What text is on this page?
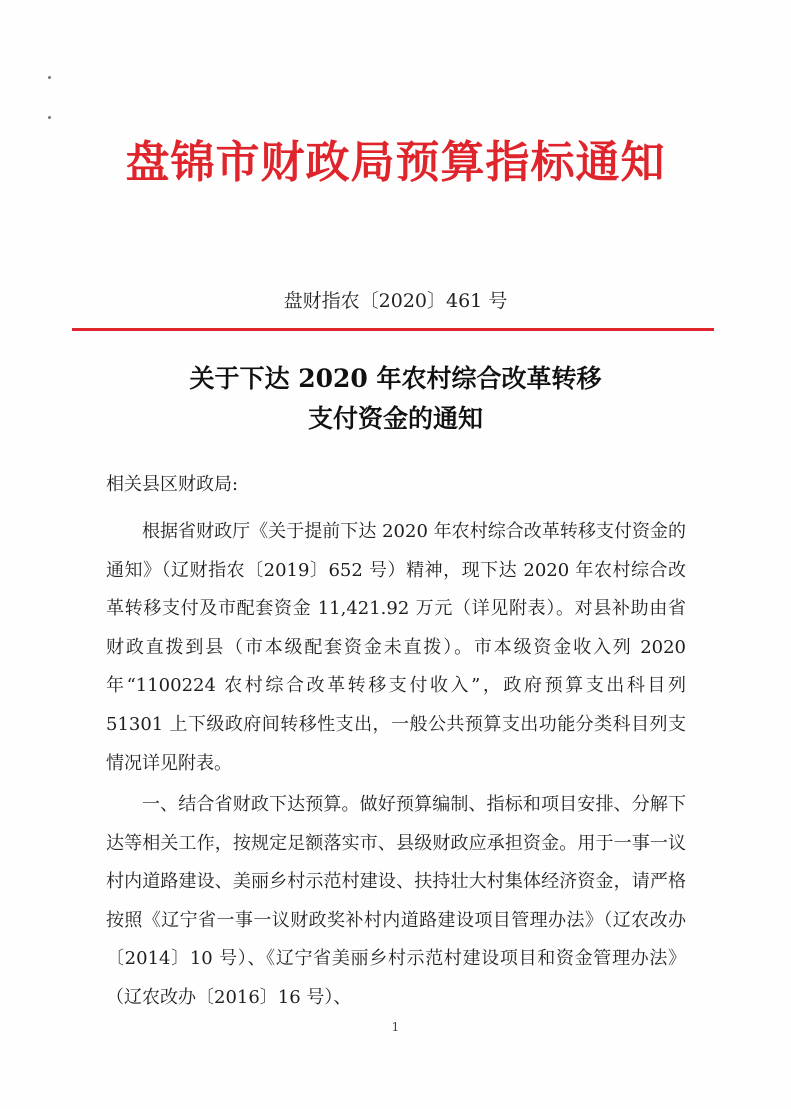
盘锦市财政局预算指标通知
盘财指农〔2020〕461 号
关于下达 2020 年农村综合改革转移
支付资金的通知
相关县区财政局:
根据省财政厅《关于提前下达 2020 年农村综合改革转移支付资金的通知》（辽财指农〔2019〕652 号）精神，现下达 2020 年农村综合改革转移支付及市配套资金 11,421.92 万元（详见附表）。对县补助由省财政直拨到县（市本级配套资金未直拨）。市本级资金收入列 2020 年“1100224 农村综合改革转移支付收入”，政府预算支出科目列 51301 上下级政府间转移性支出，一般公共预算支出功能分类科目列支情况详见附表。
一、结合省财政下达预算。做好预算编制、指标和项目安排、分解下达等相关工作，按规定足额落实市、县级财政应承担资金。用于一事一议村内道路建设、美丽乡村示范村建设、扶持壮大村集体经济资金，请严格按照《辽宁省一事一议财政奖补村内道路建设项目管理办法》（辽农改办〔2014〕10 号）、《辽宁省美丽乡村示范村建设项目和资金管理办法》（辽农改办〔2016〕16 号）、
1
